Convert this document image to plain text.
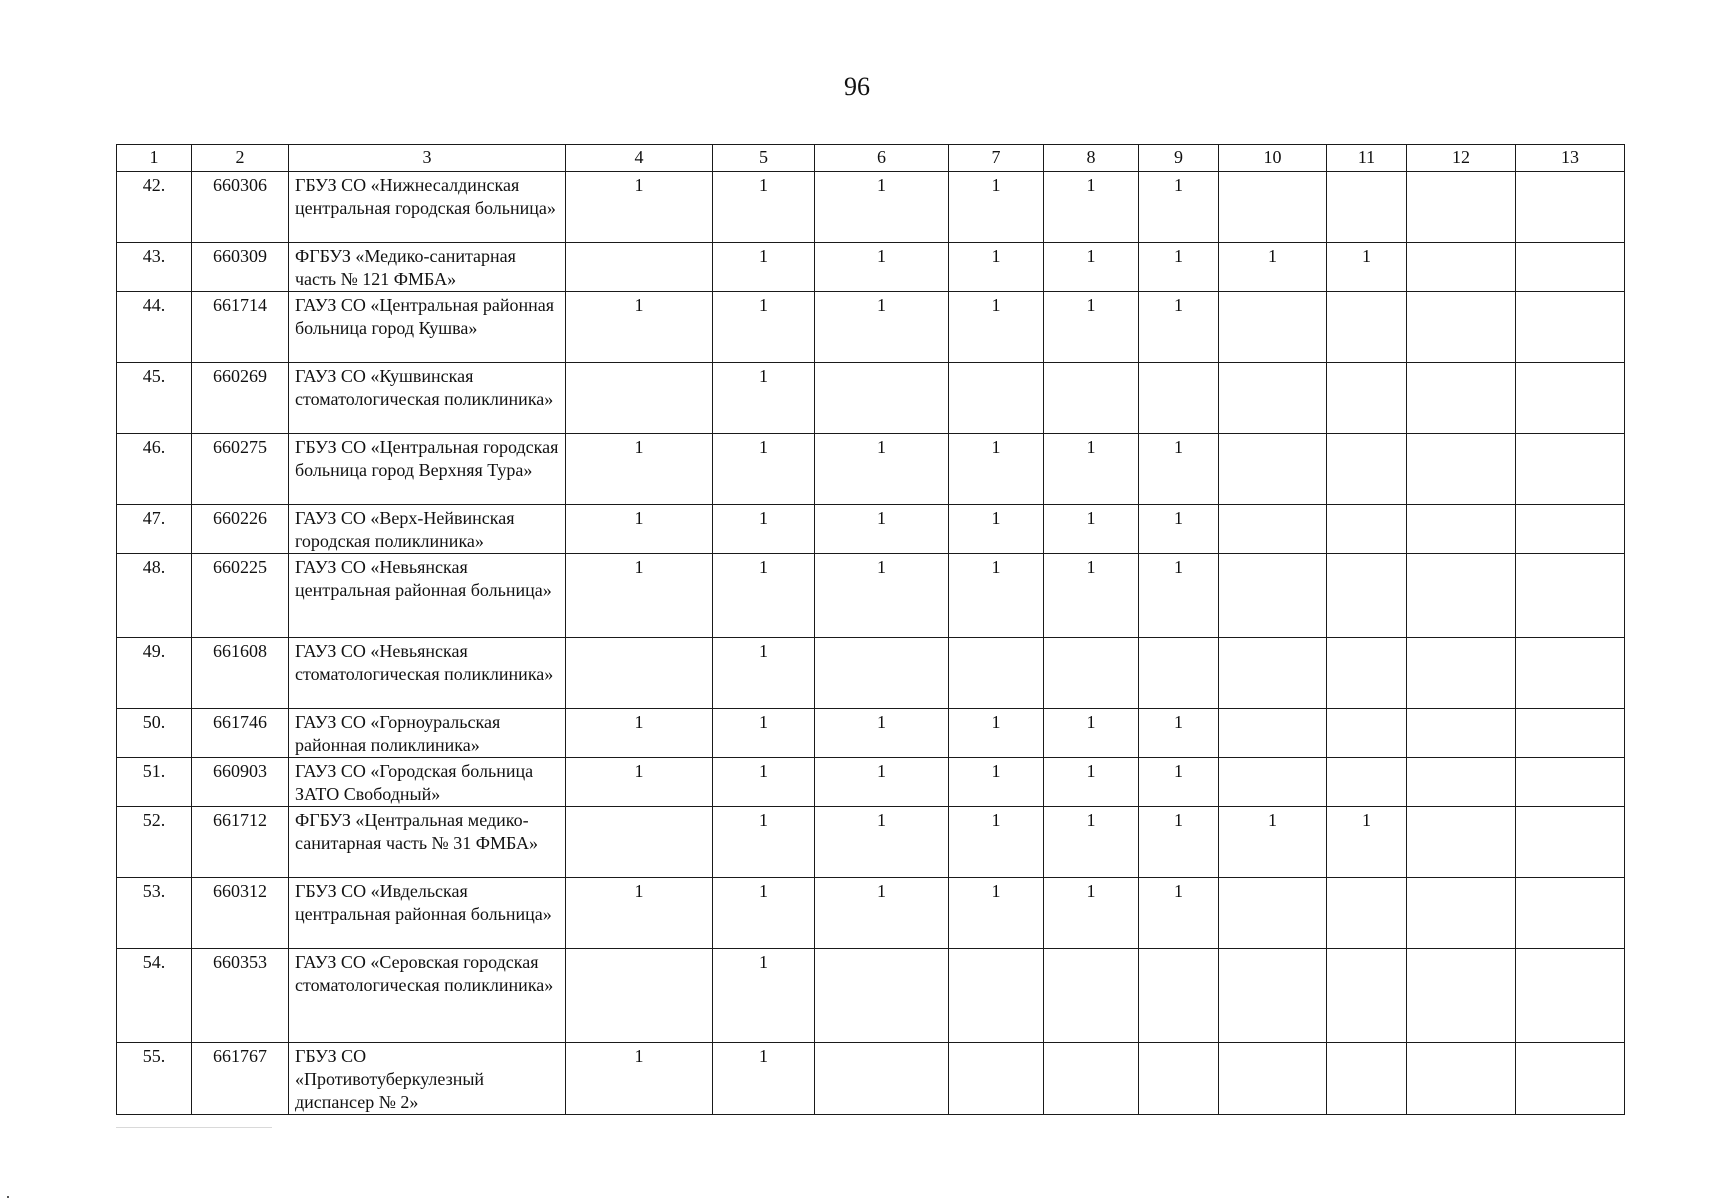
96
1	2	3	4	5	6	7	8	9	10	11	12	13
42.	660306	ГБУЗ СО «Нижнесалдинская центральная городская больница»	1	1	1	1	1	1				
43.	660309	ФГБУЗ «Медико-санитарная часть № 121 ФМБА»		1	1	1	1	1	1	1		
44.	661714	ГАУЗ СО «Центральная районная больница город Кушва»	1	1	1	1	1	1				
45.	660269	ГАУЗ СО «Кушвинская стоматологическая поликлиника»		1								
46.	660275	ГБУЗ СО «Центральная городская больница город Верхняя Тура»	1	1	1	1	1	1				
47.	660226	ГАУЗ СО «Верх-Нейвинская городская поликлиника»	1	1	1	1	1	1				
48.	660225	ГАУЗ СО «Невьянская центральная районная больница»	1	1	1	1	1	1				
49.	661608	ГАУЗ СО «Невьянская стоматологическая поликлиника»		1								
50.	661746	ГАУЗ СО «Горноуральская районная поликлиника»	1	1	1	1	1	1				
51.	660903	ГАУЗ СО «Городская больница ЗАТО Свободный»	1	1	1	1	1	1				
52.	661712	ФГБУЗ «Центральная медико-санитарная часть № 31 ФМБА»		1	1	1	1	1	1	1		
53.	660312	ГБУЗ СО «Ивдельская центральная районная больница»	1	1	1	1	1	1				
54.	660353	ГАУЗ СО «Серовская городская стоматологическая поликлиника»		1								
55.	661767	ГБУЗ СО «Противотуберкулезный диспансер № 2»	1	1								
